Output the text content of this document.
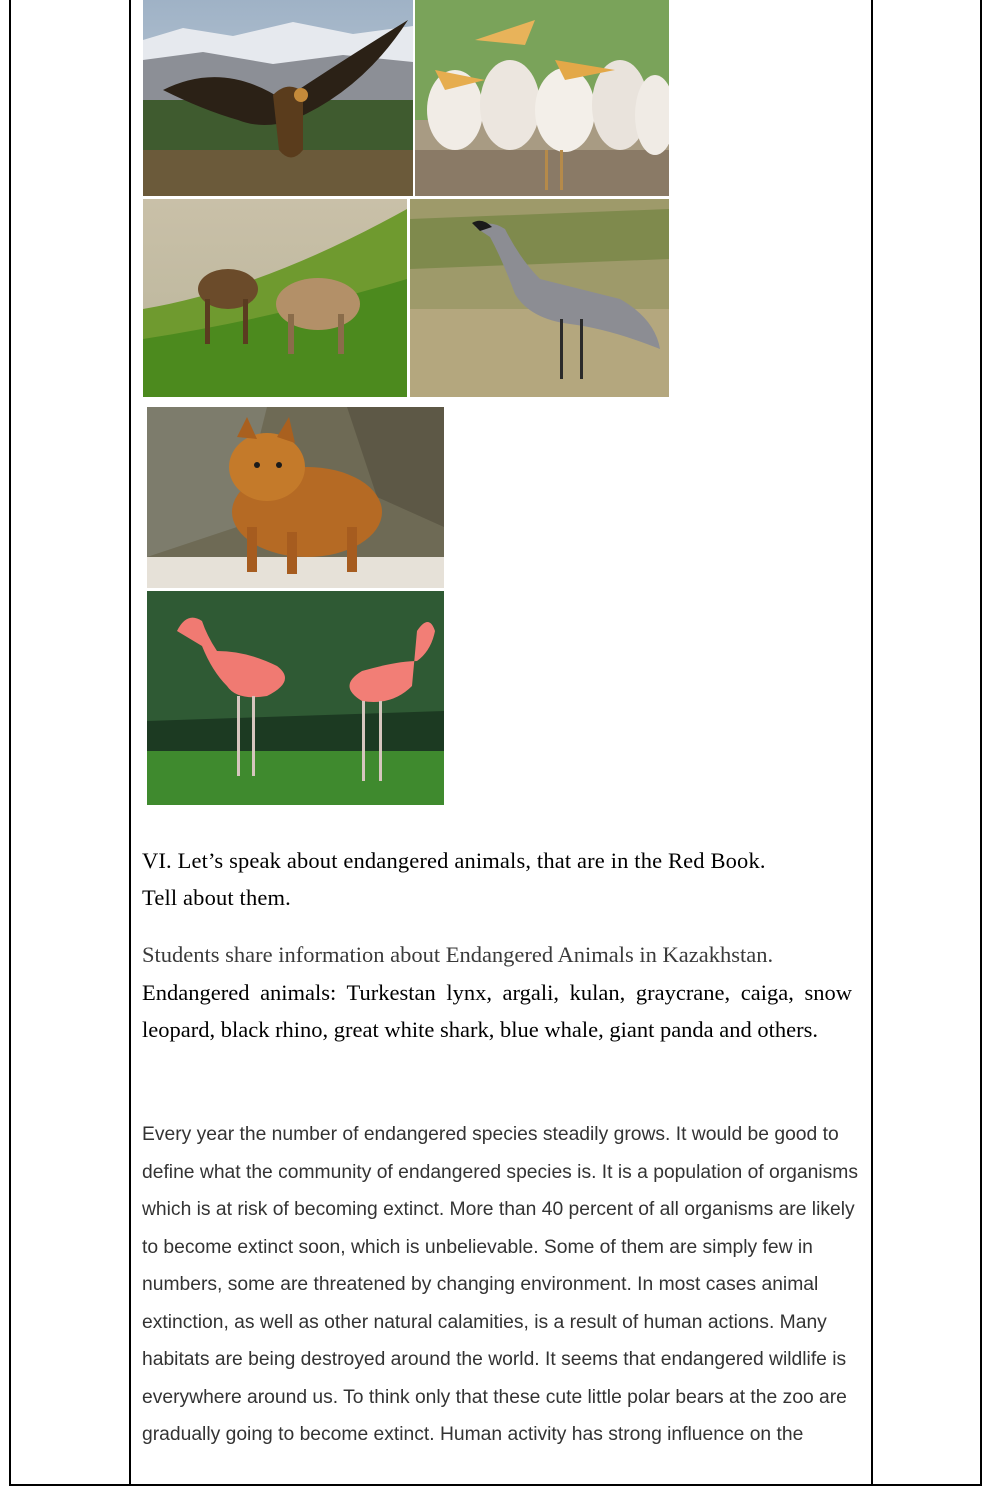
VI. Let’s speak about endangered animals, that are in the Red Book.
Tell about them.
Students share information about Endangered Animals in Kazakhstan.
Endangered animals: Turkestan lynx, argali, kulan, graycrane, caiga, snow leopard, black rhino, great white shark, blue whale, giant panda and others.
Every year the number of endangered species steadily grows. It would be good to define what the community of endangered species is. It is a population of organisms which is at risk of becoming extinct. More than 40 percent of all organisms are likely to become extinct soon, which is unbelievable. Some of them are simply few in numbers, some are threatened by changing environment. In most cases animal extinction, as well as other natural calamities, is a result of human actions. Many habitats are being destroyed around the world. It seems that endangered wildlife is everywhere around us. To think only that these cute little polar bears at the zoo are gradually going to become extinct. Human activity has strong influence on the
